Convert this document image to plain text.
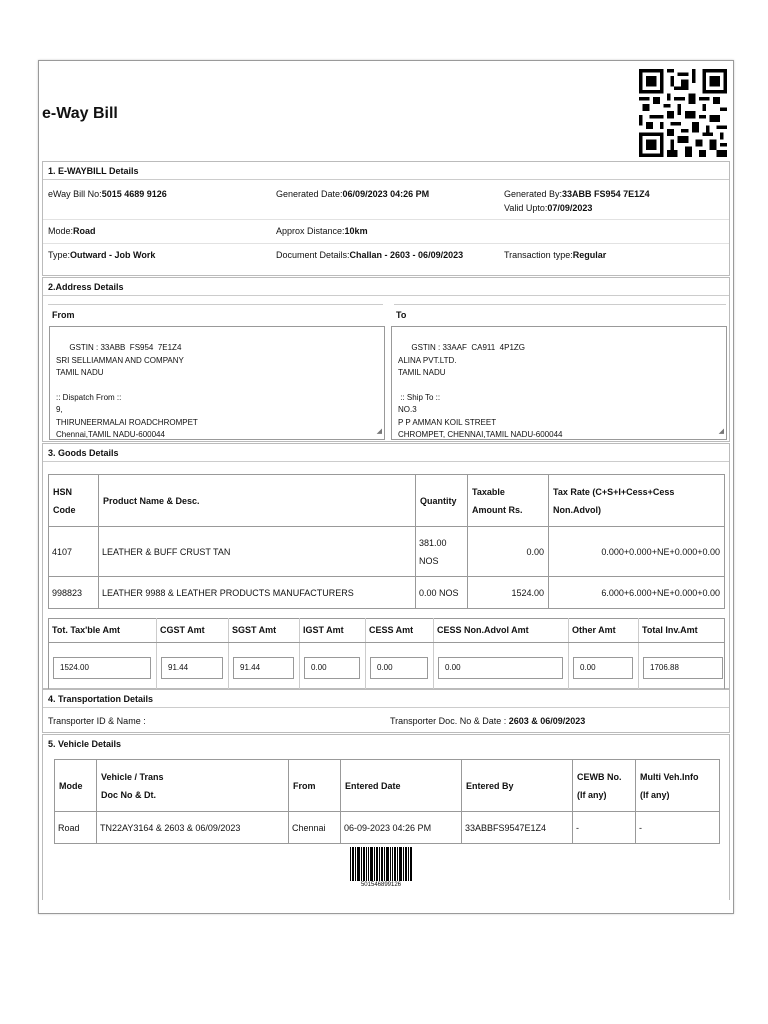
e-Way Bill
1. E-WAYBILL Details
eWay Bill No:5015 4689 9126	Generated Date:06/09/2023 04:26 PM	Generated By:33ABB FS954 7E1Z4
Valid Upto:07/09/2023
Mode:Road	Approx Distance:10km
Type:Outward - Job Work	Document Details:Challan - 2603 - 06/09/2023	Transaction type:Regular
2.Address Details
From	To

GSTIN : 33ABB  FS954  7E1Z4
SRI SELLIAMMAN AND COMPANY
TAMIL NADU

:: Dispatch From ::
9,
THIRUNEERMALAI ROADCHROMPET
Chennai,TAMIL NADU-600044
	◢

GSTIN : 33AAF  CA911  4P1ZG
ALINA PVT.LTD.
TAMIL NADU

:: Ship To ::
NO.3
P P AMMAN KOIL STREET
CHROMPET, CHENNAI,TAMIL NADU-600044
	◢

3. Goods Details
HSN
Code	Product Name & Desc.	Quantity	Taxable
Amount Rs.	Tax Rate (C+S+I+Cess+Cess
Non.Advol)
4107	LEATHER & BUFF CRUST TAN	381.00
NOS	0.00	0.000+0.000+NE+0.000+0.00
998823	LEATHER 9988 & LEATHER PRODUCTS MANUFACTURERS	0.00 NOS	1524.00	6.000+6.000+NE+0.000+0.00
Tot. Tax'ble Amt	CGST Amt	SGST Amt	IGST Amt	CESS Amt	CESS Non.Advol Amt	Other Amt	Total Inv.Amt
1524.00	91.44	91.44	0.00	0.00	0.00	0.00	1706.88
4. Transportation Details
Transporter ID & Name :	Transporter Doc. No & Date : 2603 & 06/09/2023
5. Vehicle Details
Mode	Vehicle / Trans
Doc No & Dt.	From	Entered Date	Entered By	CEWB No.
(If any)	Multi Veh.Info
(If any)
Road	TN22AY3164 & 2603 & 06/09/2023	Chennai	06-09-2023 04:26 PM	33ABBFS9547E1Z4	-	-
501546899126
